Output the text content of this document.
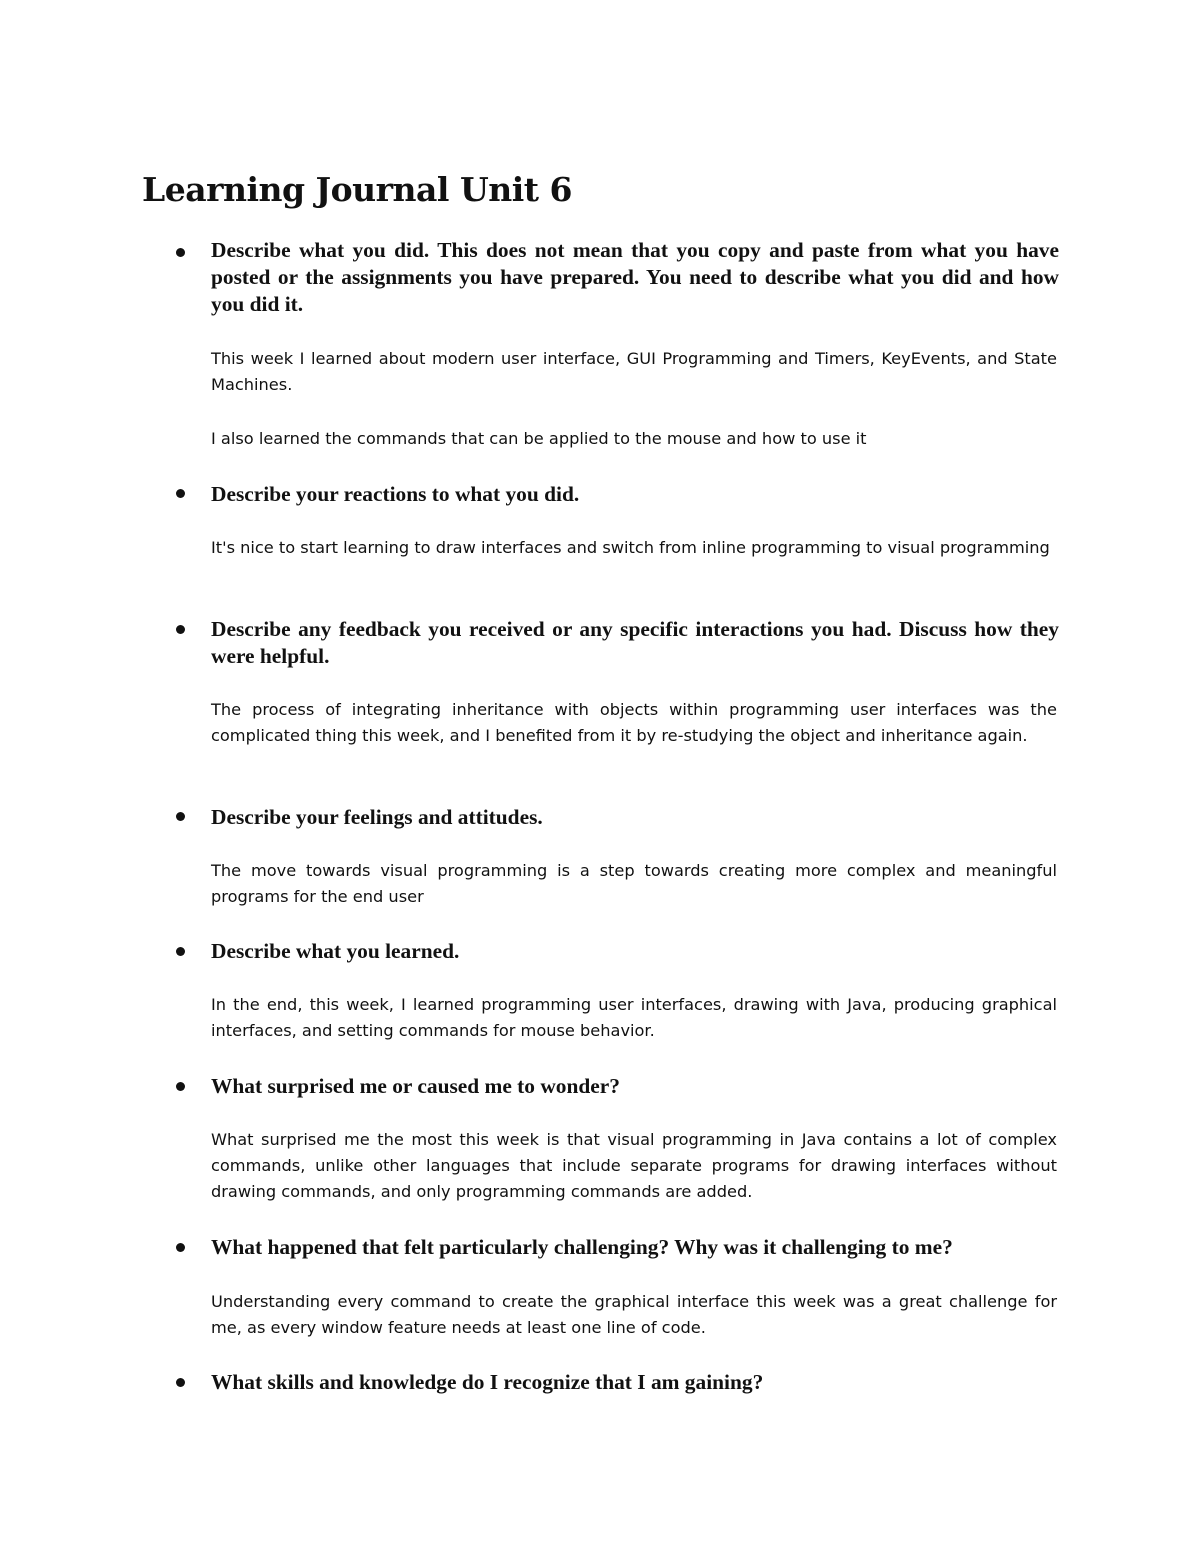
Learning Journal Unit 6

Describe what you did. This does not mean that you copy and paste from what you have posted or the assignments you have prepared. You need to describe what you did and how you did it.

This week I learned about modern user interface, GUI Programming and Timers, KeyEvents, and State Machines.

I also learned the commands that can be applied to the mouse and how to use it

Describe your reactions to what you did.

It's nice to start learning to draw interfaces and switch from inline programming to visual programming

Describe any feedback you received or any specific interactions you had. Discuss how they were helpful.

The process of integrating inheritance with objects within programming user interfaces was the complicated thing this week, and I benefited from it by re-studying the object and inheritance again.

Describe your feelings and attitudes.

The move towards visual programming is a step towards creating more complex and meaningful programs for the end user

Describe what you learned.

In the end, this week, I learned programming user interfaces, drawing with Java, producing graphical interfaces, and setting commands for mouse behavior.

What surprised me or caused me to wonder?

What surprised me the most this week is that visual programming in Java contains a lot of complex commands, unlike other languages that include separate programs for drawing interfaces without drawing commands, and only programming commands are added.

What happened that felt particularly challenging? Why was it challenging to me?

Understanding every command to create the graphical interface this week was a great challenge for me, as every window feature needs at least one line of code.

What skills and knowledge do I recognize that I am gaining?
